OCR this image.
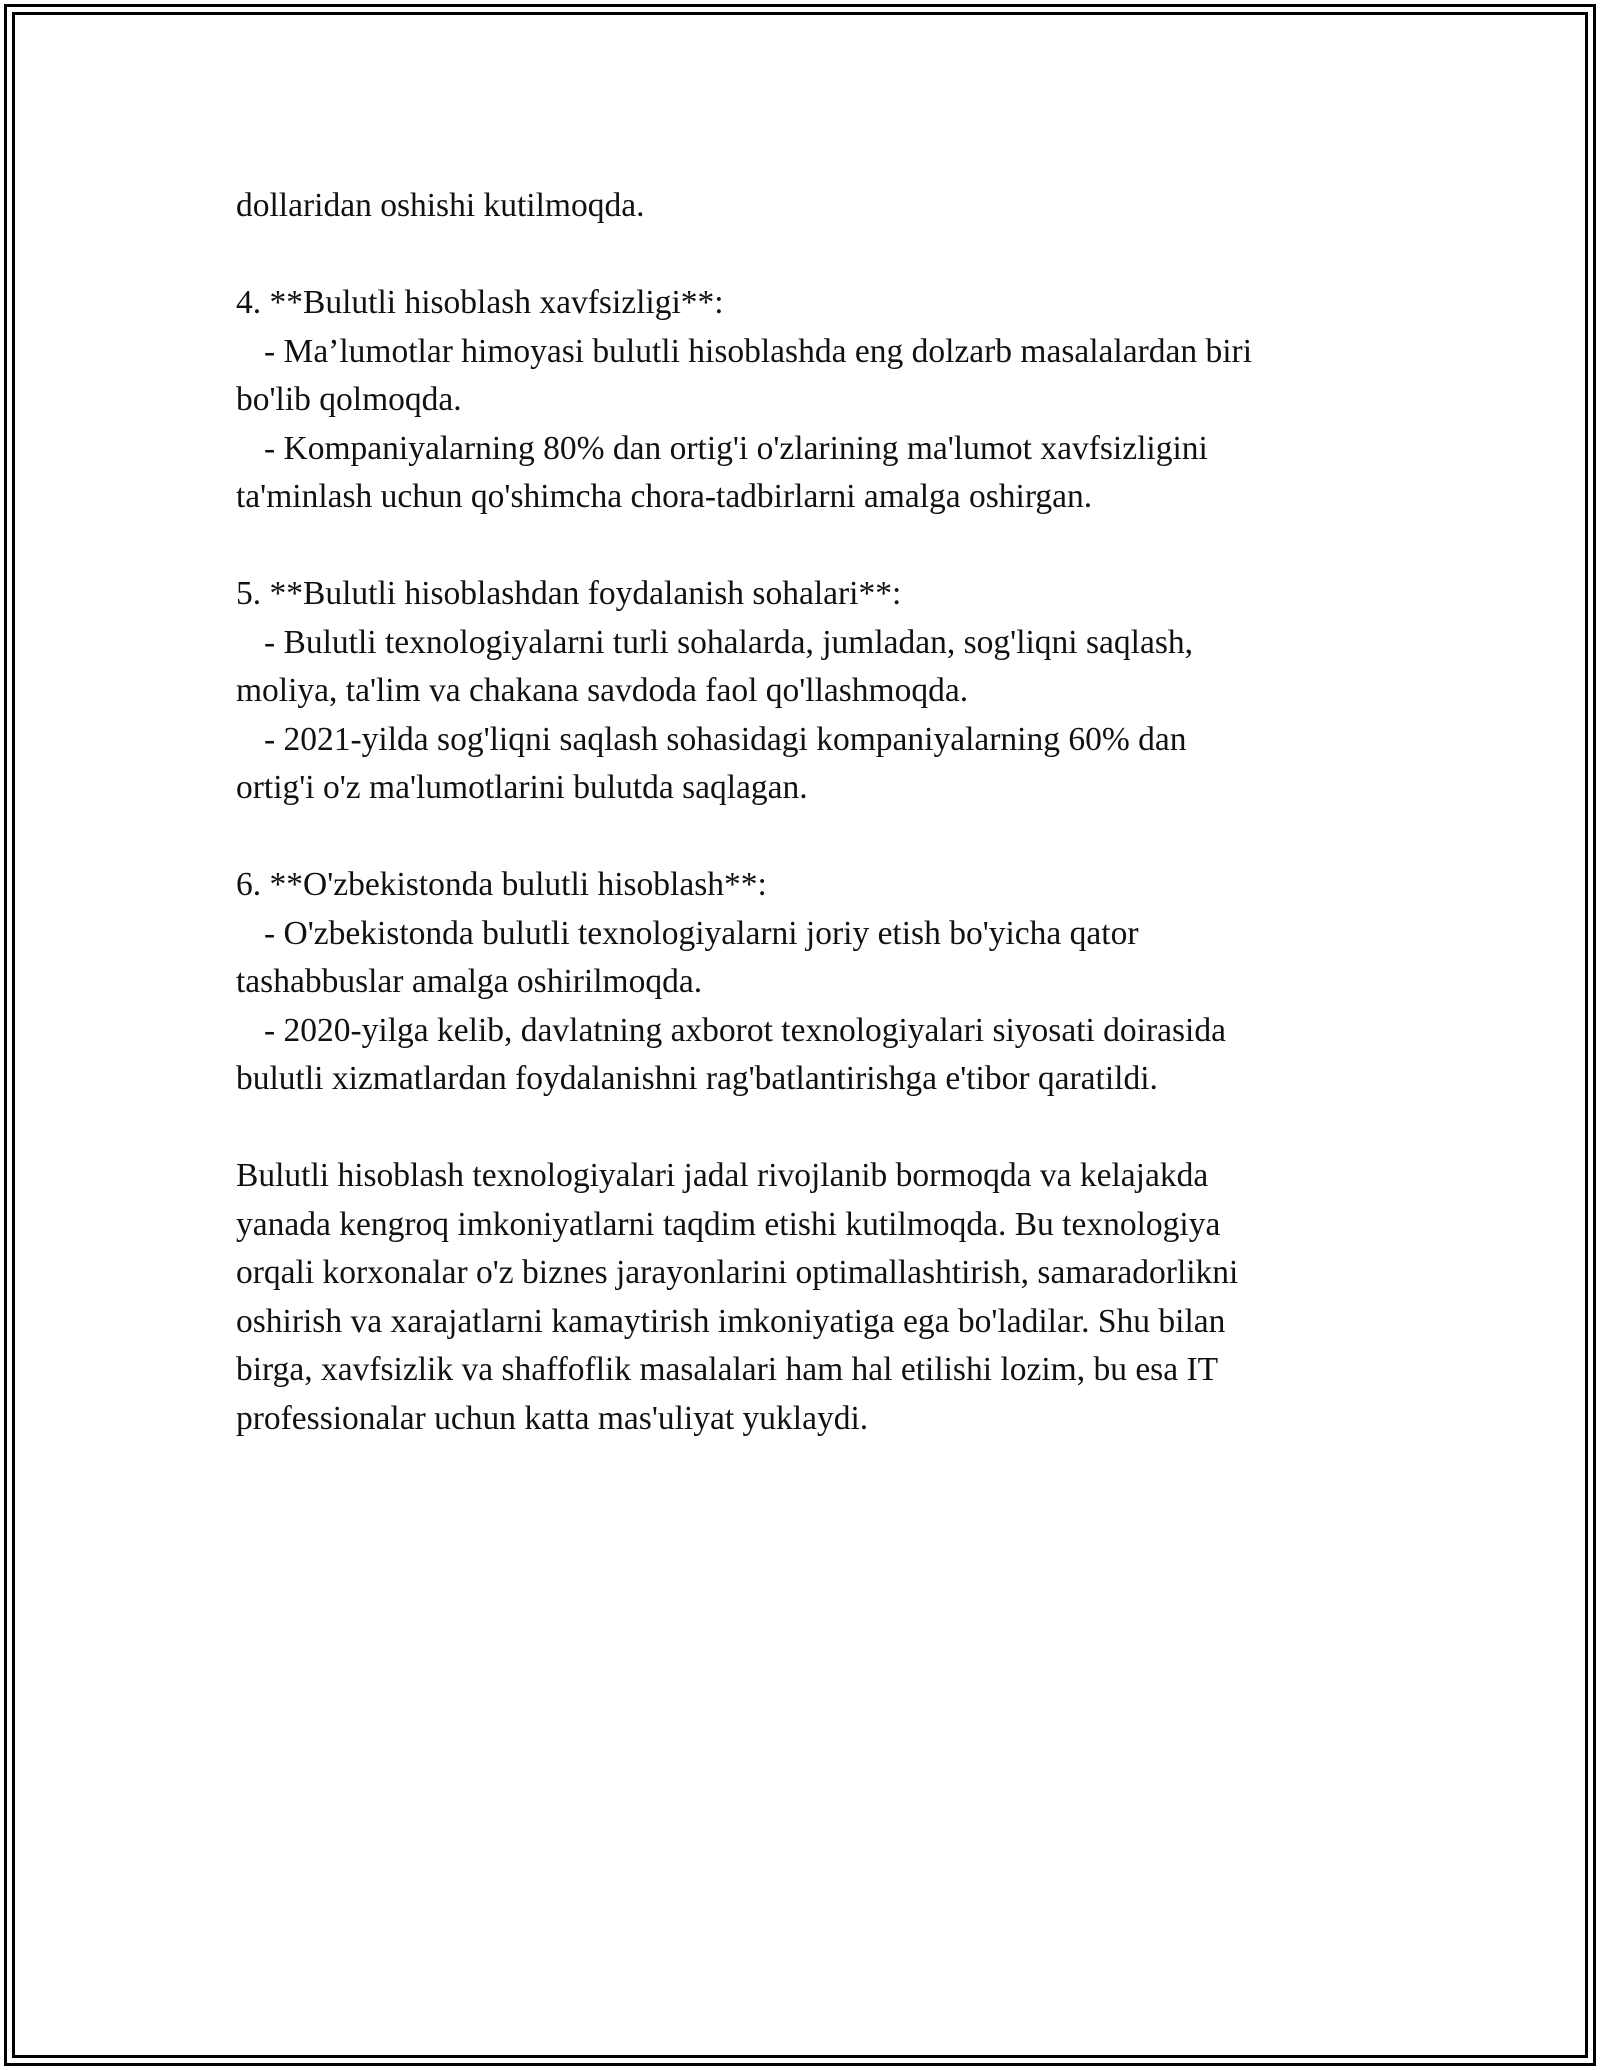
dollaridan oshishi kutilmoqda.

4. **Bulutli hisoblash xavfsizligi**:

- Ma’lumotlar himoyasi bulutli hisoblashda eng dolzarb masalalardan biri

bo'lib qolmoqda.

- Kompaniyalarning 80% dan ortig'i o'zlarining ma'lumot xavfsizligini

ta'minlash uchun qo'shimcha chora-tadbirlarni amalga oshirgan.

5. **Bulutli hisoblashdan foydalanish sohalari**:

- Bulutli texnologiyalarni turli sohalarda, jumladan, sog'liqni saqlash,

moliya, ta'lim va chakana savdoda faol qo'llashmoqda.

- 2021-yilda sog'liqni saqlash sohasidagi kompaniyalarning 60% dan

ortig'i o'z ma'lumotlarini bulutda saqlagan.

6. **O'zbekistonda bulutli hisoblash**:

- O'zbekistonda bulutli texnologiyalarni joriy etish bo'yicha qator

tashabbuslar amalga oshirilmoqda.

- 2020-yilga kelib, davlatning axborot texnologiyalari siyosati doirasida

bulutli xizmatlardan foydalanishni rag'batlantirishga e'tibor qaratildi.

Bulutli hisoblash texnologiyalari jadal rivojlanib bormoqda va kelajakda

yanada kengroq imkoniyatlarni taqdim etishi kutilmoqda. Bu texnologiya

orqali korxonalar o'z biznes jarayonlarini optimallashtirish, samaradorlikni

oshirish va xarajatlarni kamaytirish imkoniyatiga ega bo'ladilar. Shu bilan

birga, xavfsizlik va shaffoflik masalalari ham hal etilishi lozim, bu esa IT

professionalar uchun katta mas'uliyat yuklaydi.
